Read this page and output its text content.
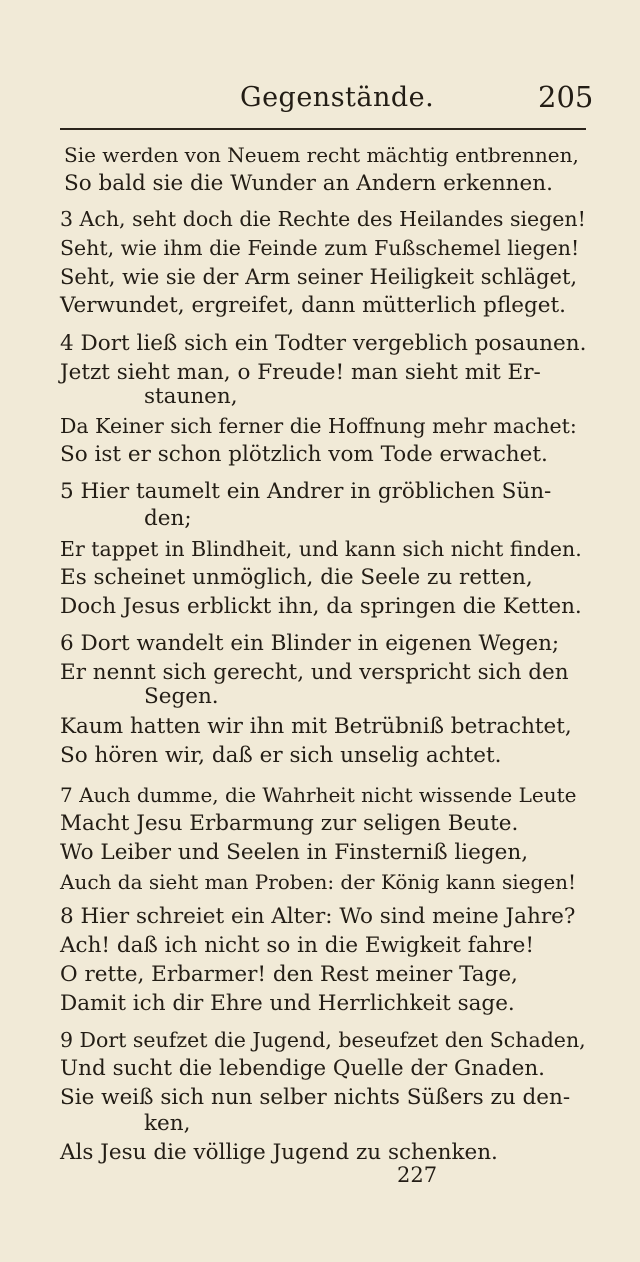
Gegenstände.	205
Sie werden von Neuem recht mächtig entbrennen,
So bald sie die Wunder an Andern erkennen.
3 Ach, seht doch die Rechte des Heilandes siegen!
Seht, wie ihm die Feinde zum Fußschemel liegen!
Seht, wie sie der Arm seiner Heiligkeit schläget,
Verwundet, ergreifet, dann mütterlich pfleget.
4 Dort ließ sich ein Todter vergeblich posaunen.
Jetzt sieht man, o Freude! man sieht mit Er-
staunen,
Da Keiner sich ferner die Hoffnung mehr machet:
So ist er schon plötzlich vom Tode erwachet.
5 Hier taumelt ein Andrer in gröblichen Sün-
den;
Er tappet in Blindheit, und kann sich nicht finden.
Es scheinet unmöglich, die Seele zu retten,
Doch Jesus erblickt ihn, da springen die Ketten.
6 Dort wandelt ein Blinder in eigenen Wegen;
Er nennt sich gerecht, und verspricht sich den
Segen.
Kaum hatten wir ihn mit Betrübniß betrachtet,
So hören wir, daß er sich unselig achtet.
7 Auch dumme, die Wahrheit nicht wissende Leute
Macht Jesu Erbarmung zur seligen Beute.
Wo Leiber und Seelen in Finsterniß liegen,
Auch da sieht man Proben: der König kann siegen!
8 Hier schreiet ein Alter: Wo sind meine Jahre?
Ach! daß ich nicht so in die Ewigkeit fahre!
O rette, Erbarmer! den Rest meiner Tage,
Damit ich dir Ehre und Herrlichkeit sage.
9 Dort seufzet die Jugend, beseufzet den Schaden,
Und sucht die lebendige Quelle der Gnaden.
Sie weiß sich nun selber nichts Süßers zu den-
ken,
Als Jesu die völlige Jugend zu schenken.
227
